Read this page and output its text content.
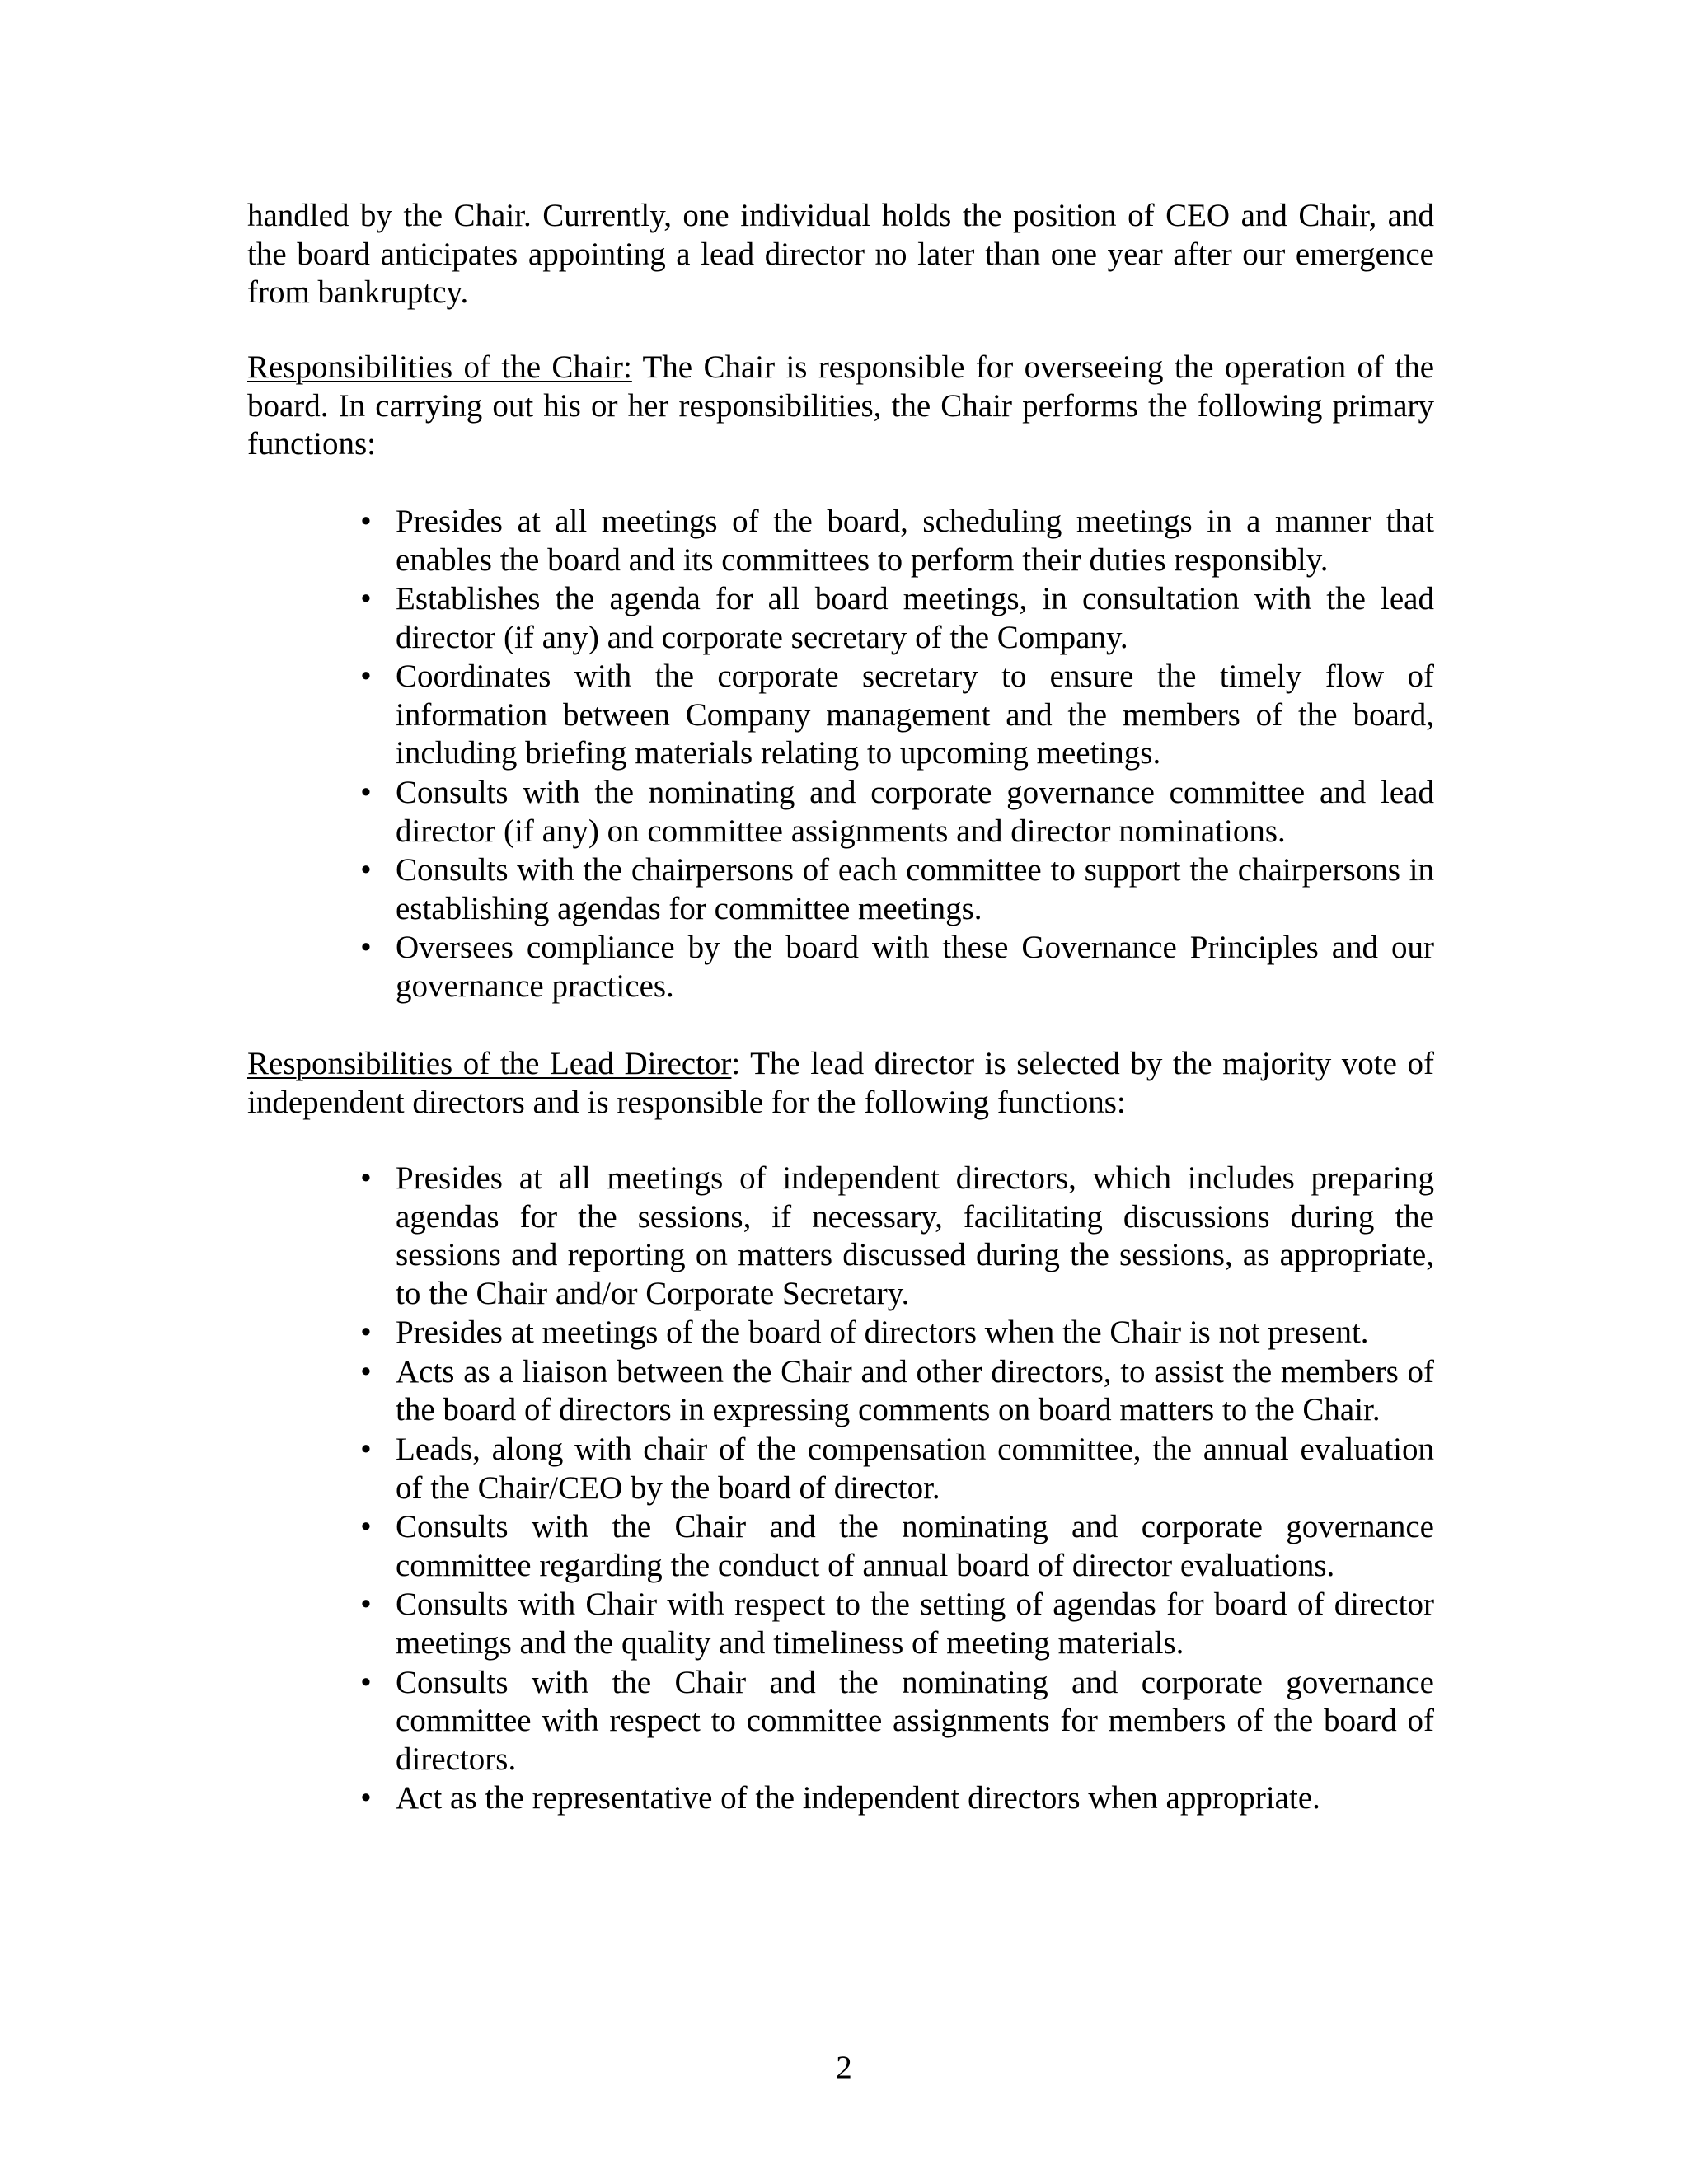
handled by the Chair. Currently, one individual holds the position of CEO and Chair, and the board anticipates appointing a lead director no later than one year after our emergence from bankruptcy.

Responsibilities of the Chair: The Chair is responsible for overseeing the operation of the board. In carrying out his or her responsibilities, the Chair performs the following primary functions:

• Presides at all meetings of the board, scheduling meetings in a manner that enables the board and its committees to perform their duties responsibly.
• Establishes the agenda for all board meetings, in consultation with the lead director (if any) and corporate secretary of the Company.
• Coordinates with the corporate secretary to ensure the timely flow of information between Company management and the members of the board, including briefing materials relating to upcoming meetings.
• Consults with the nominating and corporate governance committee and lead director (if any) on committee assignments and director nominations.
• Consults with the chairpersons of each committee to support the chairpersons in establishing agendas for committee meetings.
• Oversees compliance by the board with these Governance Principles and our governance practices.

Responsibilities of the Lead Director: The lead director is selected by the majority vote of independent directors and is responsible for the following functions:

• Presides at all meetings of independent directors, which includes preparing agendas for the sessions, if necessary, facilitating discussions during the sessions and reporting on matters discussed during the sessions, as appropriate, to the Chair and/or Corporate Secretary.
• Presides at meetings of the board of directors when the Chair is not present.
• Acts as a liaison between the Chair and other directors, to assist the members of the board of directors in expressing comments on board matters to the Chair.
• Leads, along with chair of the compensation committee, the annual evaluation of the Chair/CEO by the board of director.
• Consults with the Chair and the nominating and corporate governance committee regarding the conduct of annual board of director evaluations.
• Consults with Chair with respect to the setting of agendas for board of director meetings and the quality and timeliness of meeting materials.
• Consults with the Chair and the nominating and corporate governance committee with respect to committee assignments for members of the board of directors.
• Act as the representative of the independent directors when appropriate.
2
